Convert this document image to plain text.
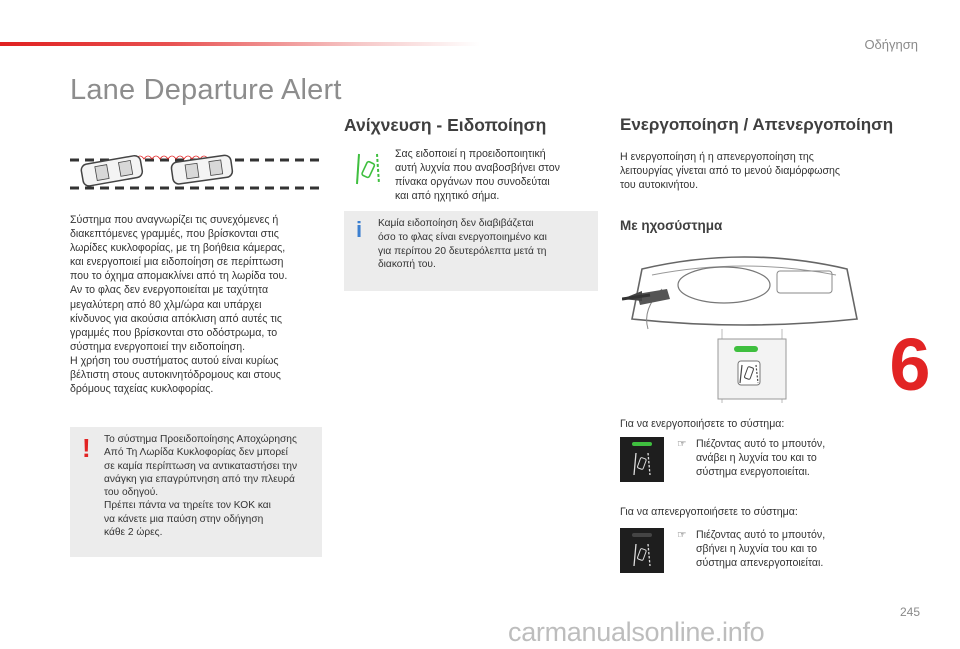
Οδήγηση
Lane Departure Alert
Σύστημα που αναγνωρίζει τις συνεχόμενες ή
διακεπτόμενες γραμμές, που βρίσκονται στις
λωρίδες κυκλοφορίας, με τη βοήθεια κάμερας,
και ενεργοποιεί μια ειδοποίηση σε περίπτωση
που το όχημα απομακλίνει από τη λωρίδα του.
Αν το φλας δεν ενεργοποιείται με ταχύτητα
μεγαλύτερη από 80 χλμ/ώρα και υπάρχει
κίνδυνος για ακούσια απόκλιση από αυτές τις
γραμμές που βρίσκονται στο οδόστρωμα, το
σύστημα ενεργοποιεί την ειδοποίηση.
Η χρήση του συστήματος αυτού είναι κυρίως
βέλτιστη στους αυτοκινητόδρομους και στους
δρόμους ταχείας κυκλοφορίας.
! Το σύστημα Προειδοποίησης Αποχώρησης
Από Τη Λωρίδα Κυκλοφορίας δεν μπορεί
σε καμία περίπτωση να αντικαταστήσει την
ανάγκη για επαγρύπνηση από την πλευρά
του οδηγού.
Πρέπει πάντα να τηρείτε τον ΚΟΚ και
να κάνετε μια παύση στην οδήγηση
κάθε 2 ώρες.
Ανίχνευση - Ειδοποίηση
Σας ειδοποιεί η προειδοποιητική
αυτή λυχνία που αναβοσβήνει στον
πίνακα οργάνων που συνοδεύται
και από ηχητικό σήμα.
i Καμία ειδοποίηση δεν διαβιβάζεται
όσο το φλας είναι ενεργοποιημένο και
για περίπου 20 δευτερόλεπτα μετά τη
διακοπή του.
Ενεργοποίηση / Απενεργοποίηση
Η ενεργοποίηση ή η απενεργοποίηση της
λειτουργίας γίνεται από το μενού διαμόρφωσης
του αυτοκινήτου.
Με ηχοσύστημα
Για να ενεργοποιήσετε το σύστημα:
☞ Πιέζοντας αυτό το μπουτόν,
ανάβει η λυχνία του και το
σύστημα ενεργοποιείται.
Για να απενεργοποιήσετε το σύστημα:
☞ Πιέζοντας αυτό το μπουτόν,
σβήνει η λυχνία του και το
σύστημα απενεργοποιείται.
6
245
carmanualsonline.info
